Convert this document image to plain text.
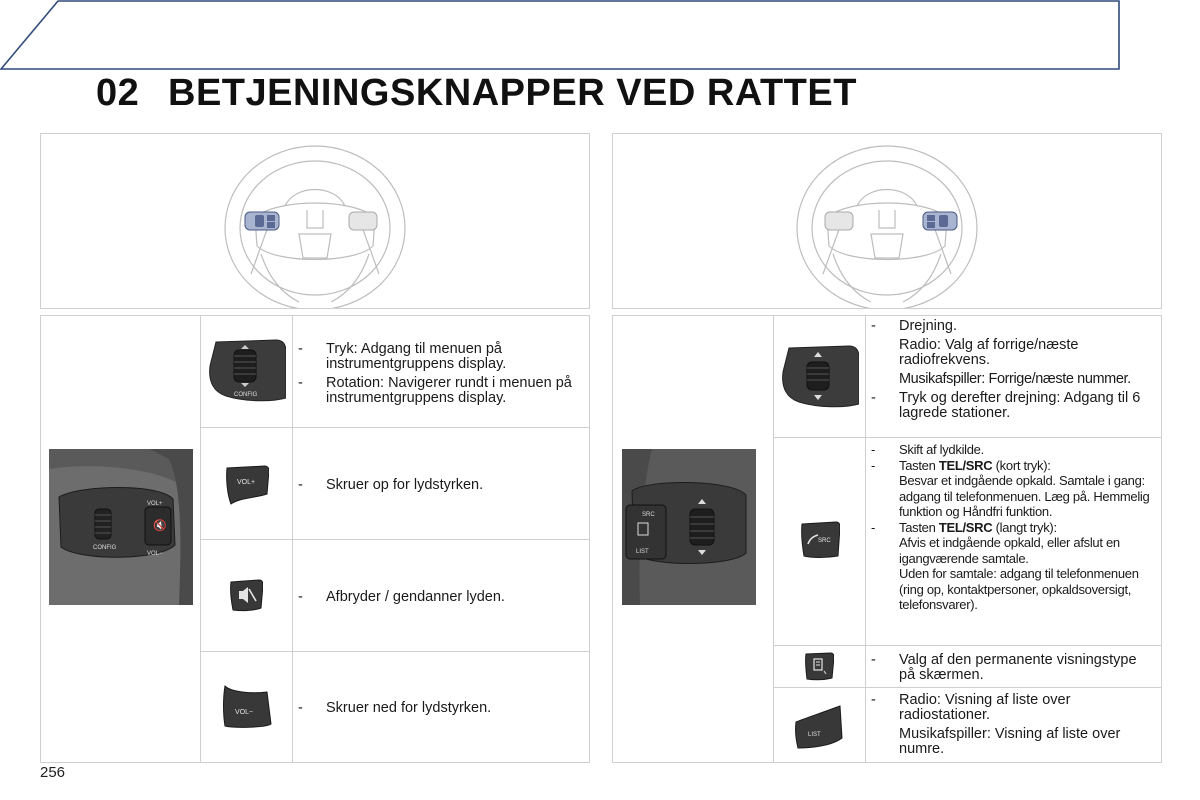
02 BETJENINGSKNAPPER VED RATTET
CONFIG
VOL+
🔇
VOL−
CONFIG
-	Tryk: Adgang til menuen på instrumentgruppens display.
-	Rotation: Navigerer rundt i menuen på instrumentgruppens display.
VOL+	-	Skruer op for lydstyrken.
-	Afbryder / gendanner lyden.
VOL−	-	Skruer ned for lydstyrken.
SRC
LIST
-	Drejning.
Radio: Valg af forrige/næste radiofrekvens.
Musikafspiller: Forrige/næste nummer.
-	Tryk og derefter drejning: Adgang til 6 lagrede stationer.
SRC
-	Skift af lydkilde.
-	Tasten TEL/SRC (kort tryk):
Besvar et indgående opkald. Samtale i gang: adgang til telefonmenuen. Læg på. Hemmelig funktion og Håndfri funktion.
-	Tasten TEL/SRC (langt tryk):
Afvis et indgående opkald, eller afslut en igangværende samtale.
Uden for samtale: adgang til telefonmenuen (ring op, kontaktpersoner, opkaldsoversigt, telefonsvarer).
-	Valg af den permanente visningstype på skærmen.
LIST
-	Radio: Visning af liste over radiostationer.
Musikafspiller: Visning af liste over numre.
256
